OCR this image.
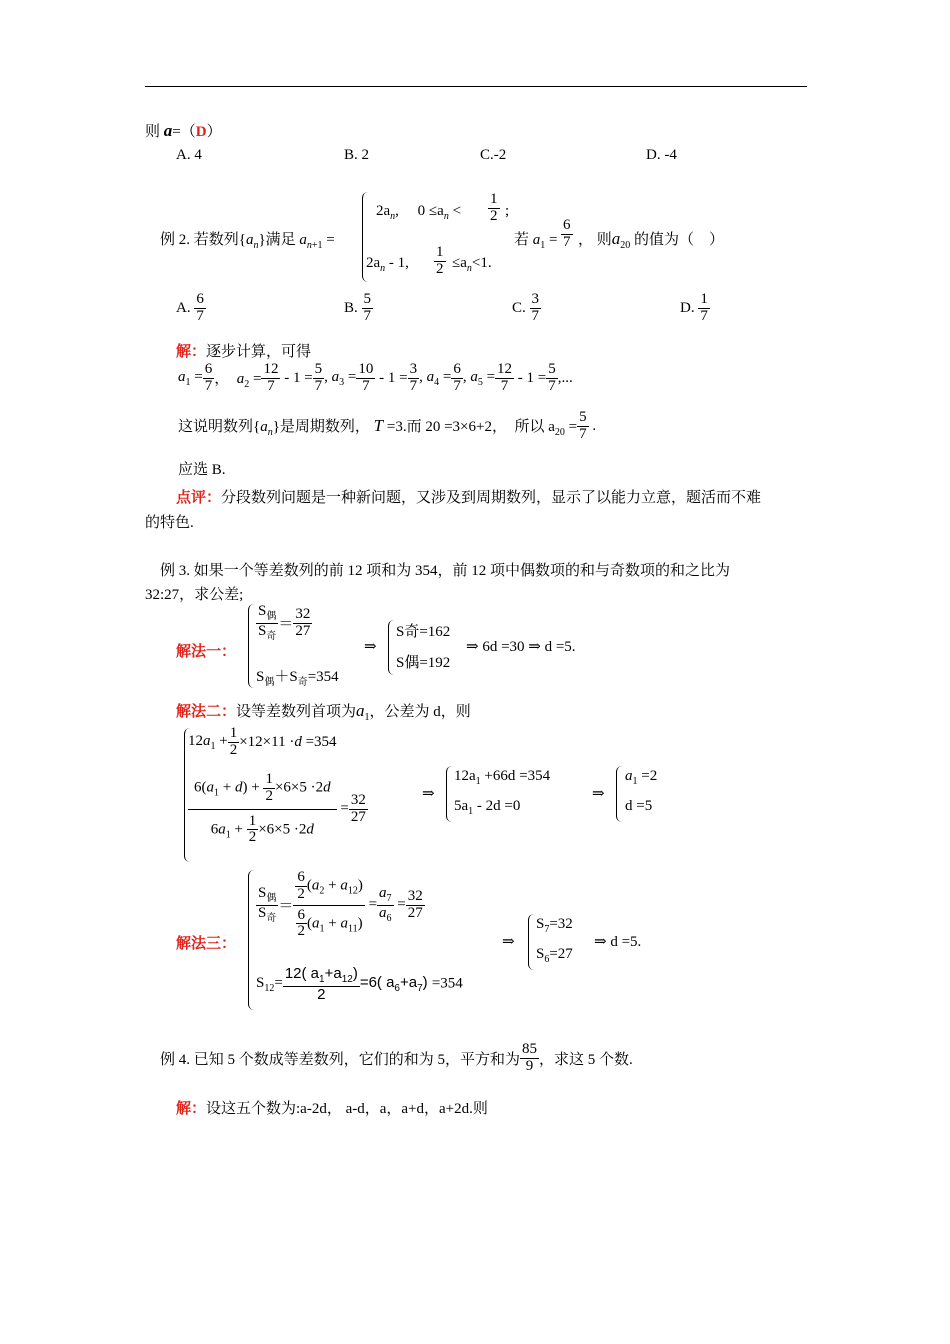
则 a=（D）
A. 4	B. 2	C.-2	D. -4
例 2. 若数列$\{a_n\}$满足 $a_{n+1}$ =
$2a_n$,     $0 \le a_n < \frac{1}{2}$ ;
$2a_n - 1$, $\frac{1}{2} \le a_n<1$.
若 $a_1 = \frac{6}{7}$ ， 则$a_{20}$ 的值为（　）
A. $\frac{6}{7}$	B. $\frac{5}{7}$	C. $\frac{3}{7}$	D. $\frac{1}{7}$
解：逐步计算，可得
$a_1 = \frac{6}{7}$ ，  $a_2 = \frac{12}{7} - 1 = \frac{5}{7}$ , $a_3 = \frac{10}{7} - 1 = \frac{3}{7}$ , $a_4 = \frac{6}{7}$ , $a_5 = \frac{12}{7} - 1 = \frac{5}{7}$ ,...
这说明数列$\{a_n\}$是周期数列， T =3.而 20 =3×6+2， 所以 $a_{20} = \frac{5}{7}$ .
应选 B.
点评：分段数列问题是一种新问题，又涉及到周期数列，显示了以能力立意，题活而不难
的特色.
例 3. 如果一个等差数列的前 12 项和为 354，前 12 项中偶数项的和与奇数项的和之比为
32:27，求公差;
解法一：
$\frac{S_偶}{S_奇} = \frac{32}{27}$
$S_偶+S_奇=354$
⇒
S奇=162
S偶=192
⇒ 6d =30 ⇒ d =5.
解法二：设等差数列首项为$a_1$，公差为 d，则
$12a_1 + \frac{1}{2} \times 12\times 11 \cdot d =354$
$\frac{6(a_1 + d) + \frac{1}{2} \times 6\times 5 \cdot 2d}{6a_1 + \frac{1}{2} \times 6\times 5 \cdot 2d} = \frac{32}{27}$	⇒
$12a_1 +66d =354$
$5a_1 - 2d =0$
⇒
$a_1 =2$
d =5
解法三：
$\frac{S_偶}{S_奇} = \frac{\frac{6}{2} (a_2 + a_{12})}{\frac{6}{2} (a_1 + a_{11})} = \frac{a_7}{a_6} = \frac{32}{27}$
$S_{12}= \frac{12( a_1+a_{12})}{2} =6$( $a_6+a_7) =354$
⇒
$S_7=32$
$S_6=27$
⇒ d =5.
例 4. 已知 5 个数成等差数列，它们的和为 5，平方和为 $\frac{85}{9}$ ，求这 5 个数.
解：设这五个数为:a-2d， a-d，a，a+d，a+2d.则
